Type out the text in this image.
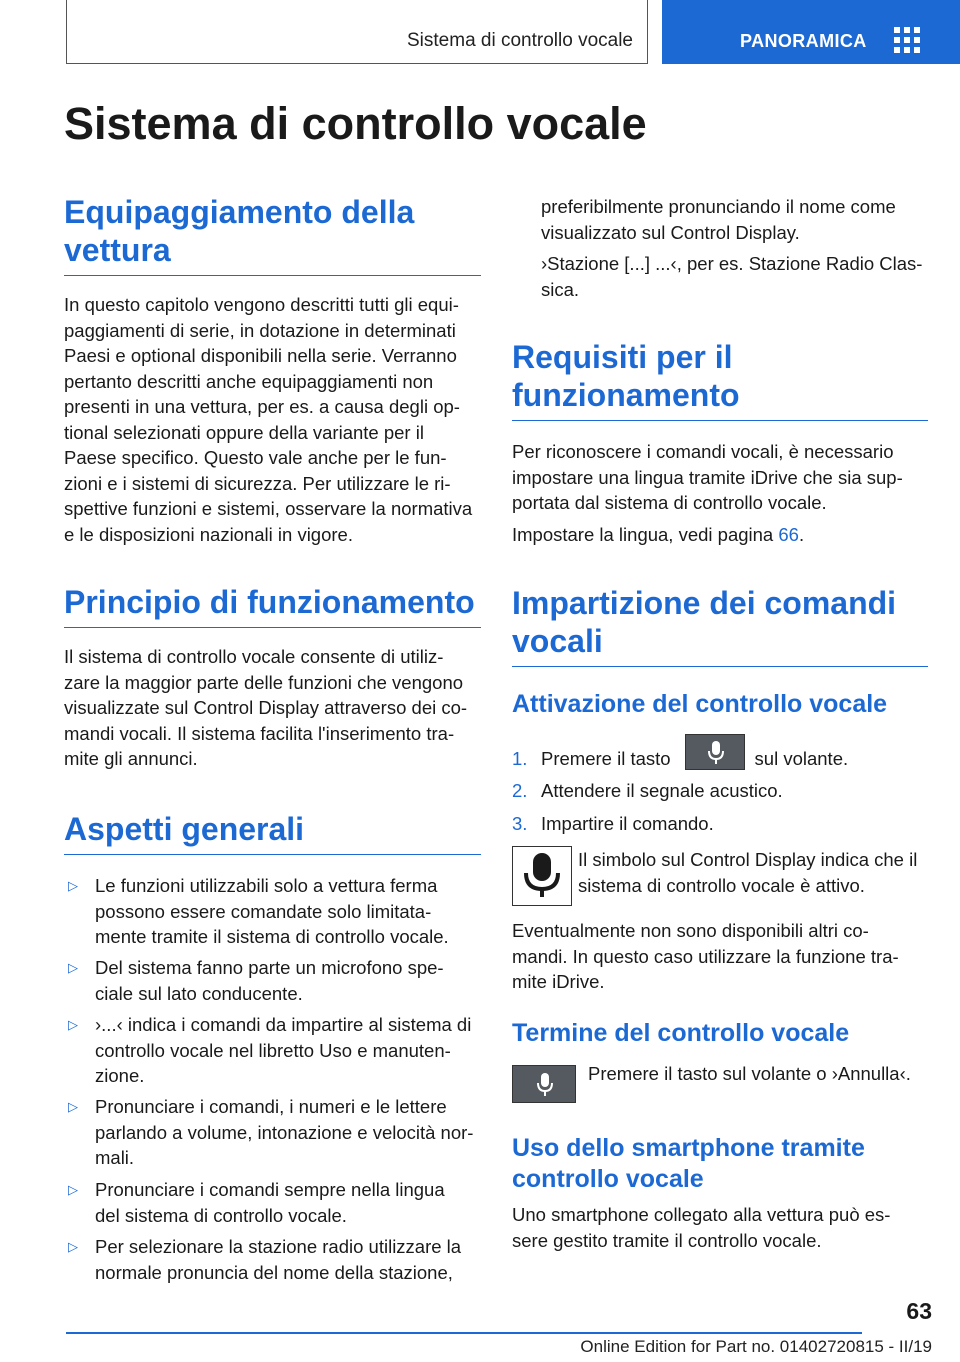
Sistema di controllo vocale	PANORAMICA
Sistema di controllo vocale
Equipaggiamento della vettura
In questo capitolo vengono descritti tutti gli equi-
paggiamenti di serie, in dotazione in determinati
Paesi e optional disponibili nella serie. Verranno
pertanto descritti anche equipaggiamenti non
presenti in una vettura, per es. a causa degli op-
tional selezionati oppure della variante per il
Paese specifico. Questo vale anche per le fun-
zioni e i sistemi di sicurezza. Per utilizzare le ri-
spettive funzioni e sistemi, osservare la normativa
e le disposizioni nazionali in vigore.
Principio di funzionamento
Il sistema di controllo vocale consente di utiliz-
zare la maggior parte delle funzioni che vengono
visualizzate sul Control Display attraverso dei co-
mandi vocali. Il sistema facilita l'inserimento tra-
mite gli annunci.
Aspetti generali
▷ Le funzioni utilizzabili solo a vettura ferma
possono essere comandate solo limitata-
mente tramite il sistema di controllo vocale.
▷ Del sistema fanno parte un microfono spe-
ciale sul lato conducente.
▷ ›...‹ indica i comandi da impartire al sistema di
controllo vocale nel libretto Uso e manuten-
zione.
▷ Pronunciare i comandi, i numeri e le lettere
parlando a volume, intonazione e velocità nor-
mali.
▷ Pronunciare i comandi sempre nella lingua
del sistema di controllo vocale.
▷ Per selezionare la stazione radio utilizzare la
normale pronuncia del nome della stazione,
preferibilmente pronunciando il nome come
visualizzato sul Control Display.
›Stazione [...] ...‹, per es. Stazione Radio Clas-
sica.
Requisiti per il funzionamento
Per riconoscere i comandi vocali, è necessario
impostare una lingua tramite iDrive che sia sup-
portata dal sistema di controllo vocale.
Impostare la lingua, vedi pagina 66.
Impartizione dei comandi vocali
Attivazione del controllo vocale
1. Premere il tasto	sul volante.
2. Attendere il segnale acustico.
3. Impartire il comando.
Il simbolo sul Control Display indica che il
sistema di controllo vocale è attivo.
Eventualmente non sono disponibili altri co-
mandi. In questo caso utilizzare la funzione tra-
mite iDrive.
Termine del controllo vocale
Premere il tasto sul volante o ›Annulla‹.
Uso dello smartphone tramite
controllo vocale
Uno smartphone collegato alla vettura può es-
sere gestito tramite il controllo vocale.
63
Online Edition for Part no. 01402720815 - II/19
